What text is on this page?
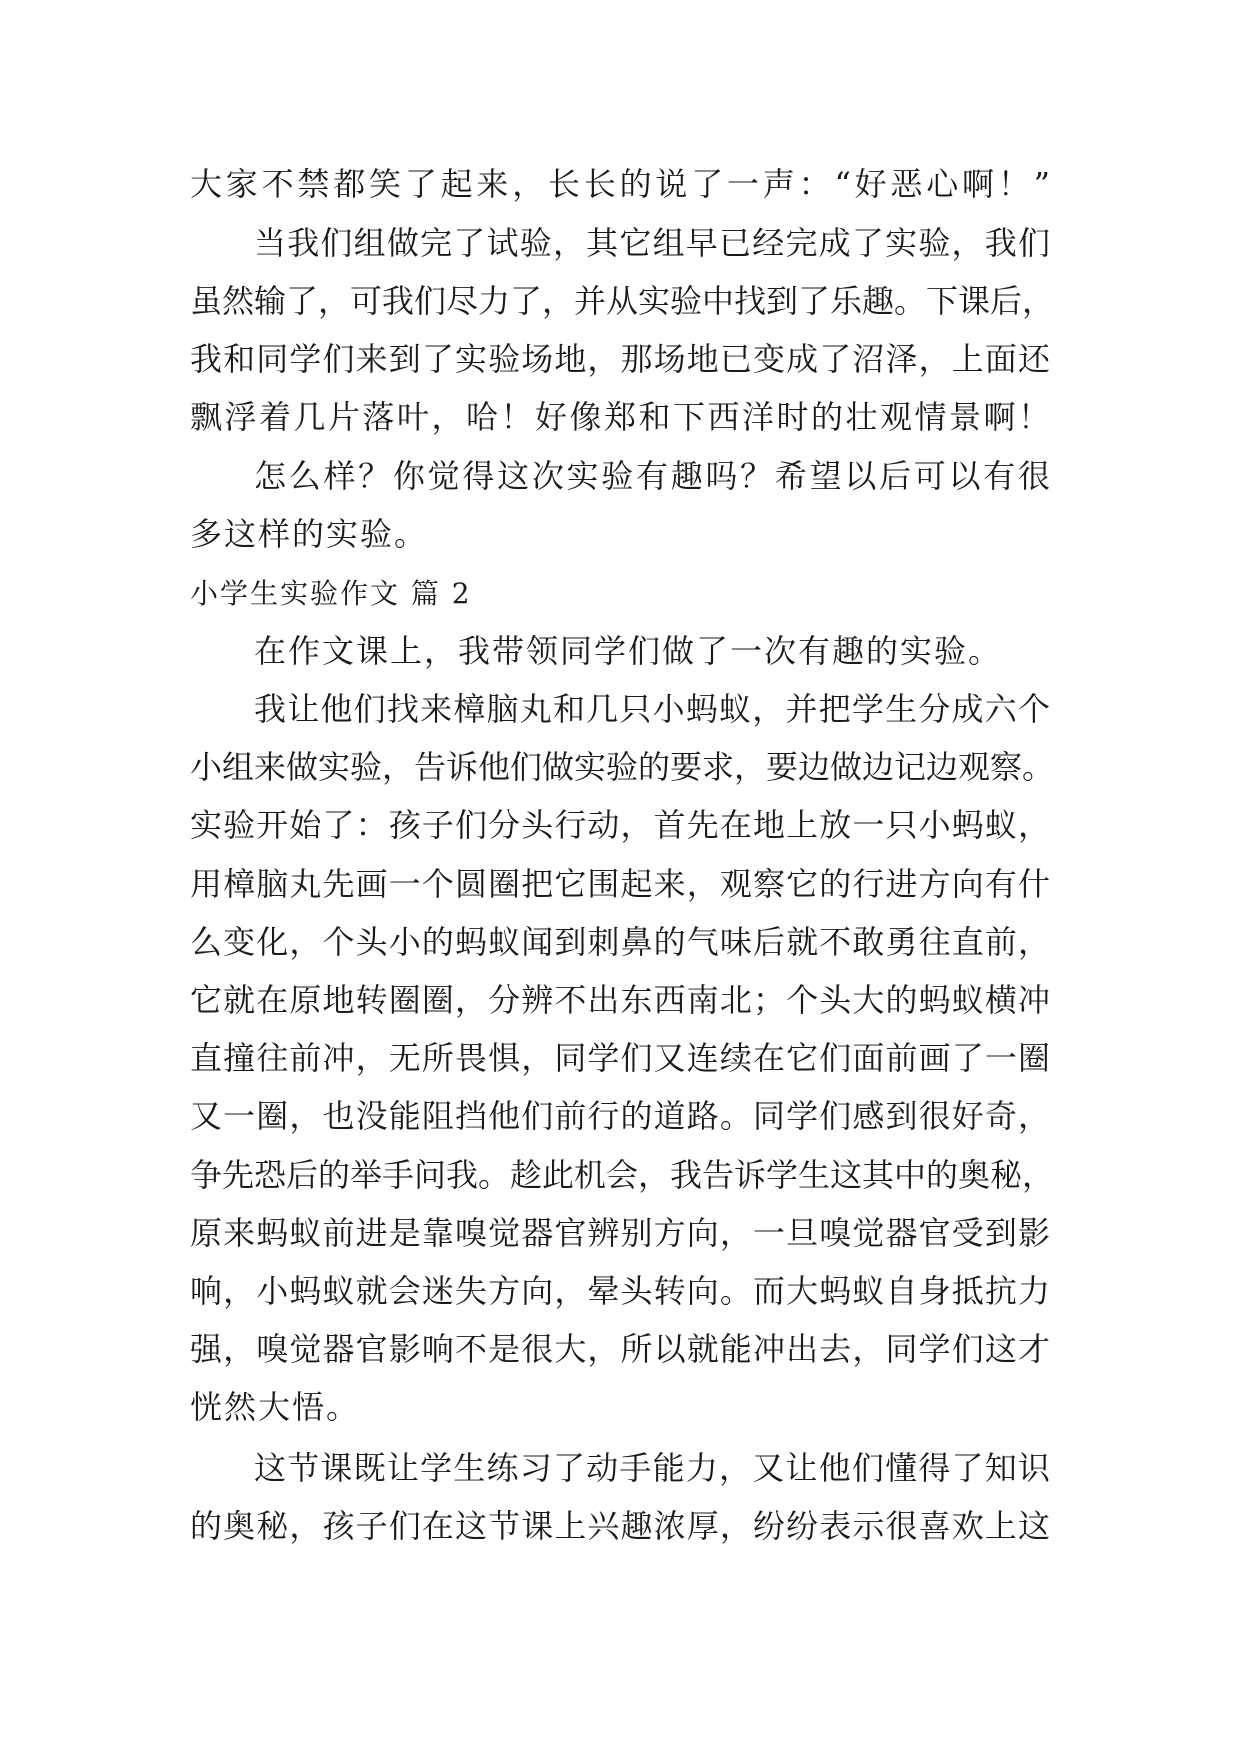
大家不禁都笑了起来，长长的说了一声：“好恶心啊！”
当我们组做完了试验，其它组早已经完成了实验，我们
虽然输了，可我们尽力了，并从实验中找到了乐趣。下课后，
我和同学们来到了实验场地，那场地已变成了沼泽，上面还
飘浮着几片落叶，哈！好像郑和下西洋时的壮观情景啊！
怎么样？你觉得这次实验有趣吗？希望以后可以有很
多这样的实验。
小学生实验作文 篇 2
在作文课上，我带领同学们做了一次有趣的实验。
我让他们找来樟脑丸和几只小蚂蚁，并把学生分成六个
小组来做实验，告诉他们做实验的要求，要边做边记边观察。
实验开始了：孩子们分头行动，首先在地上放一只小蚂蚁，
用樟脑丸先画一个圆圈把它围起来，观察它的行进方向有什
么变化，个头小的蚂蚁闻到刺鼻的气味后就不敢勇往直前，
它就在原地转圈圈，分辨不出东西南北；个头大的蚂蚁横冲
直撞往前冲，无所畏惧，同学们又连续在它们面前画了一圈
又一圈，也没能阻挡他们前行的道路。同学们感到很好奇，
争先恐后的举手问我。趁此机会，我告诉学生这其中的奥秘，
原来蚂蚁前进是靠嗅觉器官辨别方向，一旦嗅觉器官受到影
响，小蚂蚁就会迷失方向，晕头转向。而大蚂蚁自身抵抗力
强，嗅觉器官影响不是很大，所以就能冲出去，同学们这才
恍然大悟。
这节课既让学生练习了动手能力，又让他们懂得了知识
的奥秘，孩子们在这节课上兴趣浓厚，纷纷表示很喜欢上这
